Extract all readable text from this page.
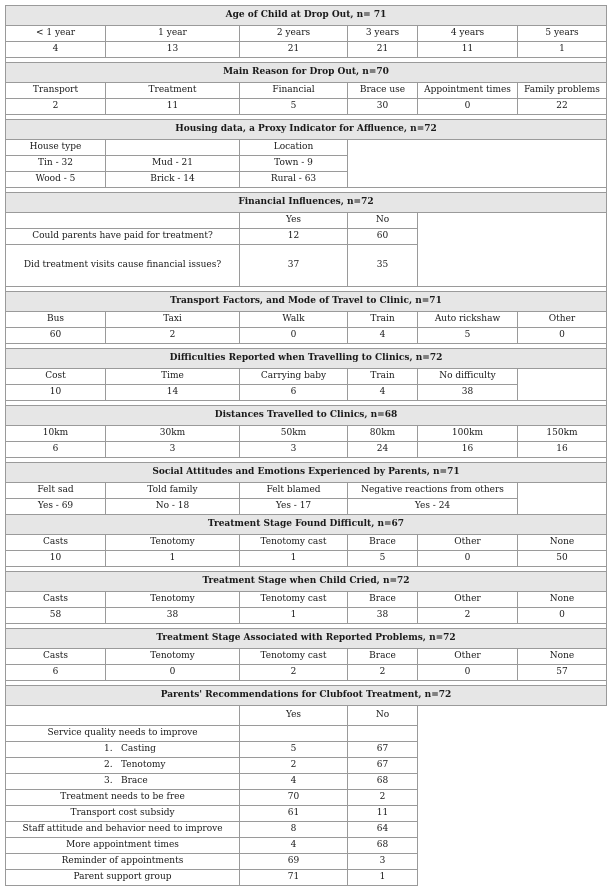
Age of Child at Drop Out, n= 71					
< 1 year	1 year	2 years	3 years	4 years	5 years
4	13	21	21	11	1

Main Reason for Drop Out, n=70					
Transport	Treatment	Financial	Brace use	Appointment times	Family problems
2	11	5	30	0	22

Housing data, a Proxy Indicator for Affluence, n=72					
House type		Location			
Tin - 32	Mud - 21	Town - 9			
Wood - 5	Brick - 14	Rural - 63			

Financial Influences, n=72					
		Yes	No		
Could parents have paid for treatment?		12	60		
Did treatment visits cause financial issues?		37	35		

Transport Factors, and Mode of Travel to Clinic, n=71					
Bus	Taxi	Walk	Train	Auto rickshaw	Other
60	2	0	4	5	0

Difficulties Reported when Travelling to Clinics, n=72					
Cost	Time	Carrying baby	Train	No difficulty	
10	14	6	4	38	

Distances Travelled to Clinics, n=68					
10km	30km	50km	80km	100km	150km
6	3	3	24	16	16

Social Attitudes and Emotions Experienced by Parents, n=71					
Felt sad	Told family	Felt blamed	Negative reactions from others		
Yes - 69	No - 18	Yes - 17	Yes - 24		
Treatment Stage Found Difficult, n=67					
Casts	Tenotomy	Tenotomy cast	Brace	Other	None
10	1	1	5	0	50

Treatment Stage when Child Cried, n=72					
Casts	Tenotomy	Tenotomy cast	Brace	Other	None
58	38	1	38	2	0

Treatment Stage Associated with Reported Problems, n=72					
Casts	Tenotomy	Tenotomy cast	Brace	Other	None
6	0	2	2	0	57

Parents' Recommendations for Clubfoot Treatment, n=72					
		Yes	No		
Service quality needs to improve					
1. Casting		5	67		
2. Tenotomy		2	67		
3. Brace		4	68		
Treatment needs to be free		70	2		
Transport cost subsidy		61	11		
Staff attitude and behavior need to improve		8	64		
More appointment times		4	68		
Reminder of appointments		69	3		
Parent support group		71	1		
